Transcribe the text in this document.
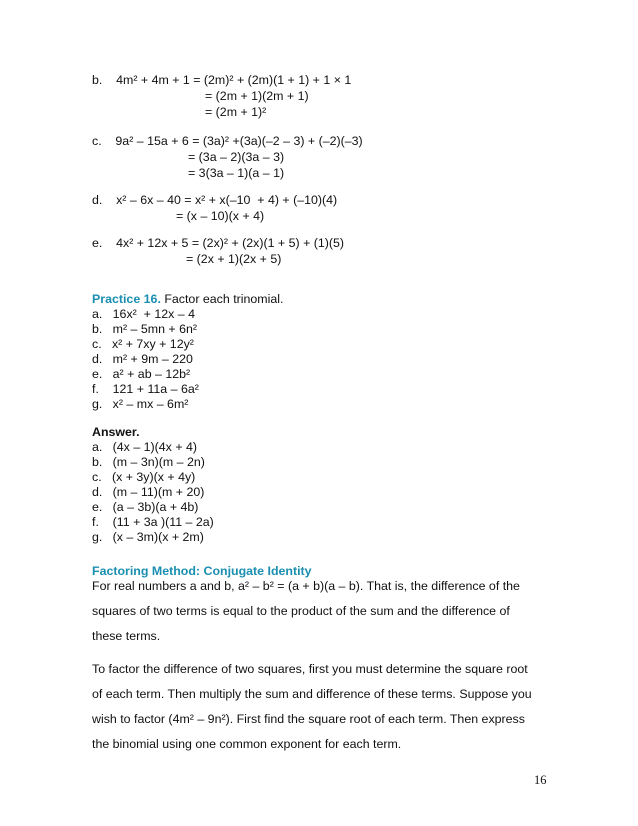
b.    4m² + 4m + 1 = (2m)² + (2m)(1 + 1) + 1 × 1
= (2m + 1)(2m + 1)
= (2m + 1)²
c.    9a² – 15a + 6 = (3a)² +(3a)(–2 – 3) + (–2)(–3)
= (3a – 2)(3a – 3)
= 3(3a – 1)(a – 1)
d.    x² – 6x – 40 = x² + x(–10  + 4) + (–10)(4)
= (x – 10)(x + 4)
e.    4x² + 12x + 5 = (2x)² + (2x)(1 + 5) + (1)(5)
= (2x + 1)(2x + 5)
Practice 16. Factor each trinomial.
a.   16x²  + 12x – 4
b.   m² – 5mn + 6n²
c.   x² + 7xy + 12y²
d.   m² + 9m – 220
e.   a² + ab – 12b²
f.    121 + 11a – 6a²
g.   x² – mx – 6m²
Answer.
a.   (4x – 1)(4x + 4)
b.   (m – 3n)(m – 2n)
c.   (x + 3y)(x + 4y)
d.   (m – 11)(m + 20)
e.   (a – 3b)(a + 4b)
f.    (11 + 3a )(11 – 2a)
g.   (x – 3m)(x + 2m)
Factoring Method: Conjugate Identity
For real numbers a and b, a² – b² = (a + b)(a – b). That is, the difference of the
squares of two terms is equal to the product of the sum and the difference of
these terms.
To factor the difference of two squares, first you must determine the square root
of each term. Then multiply the sum and difference of these terms. Suppose you
wish to factor (4m² – 9n²). First find the square root of each term. Then express
the binomial using one common exponent for each term.
16
